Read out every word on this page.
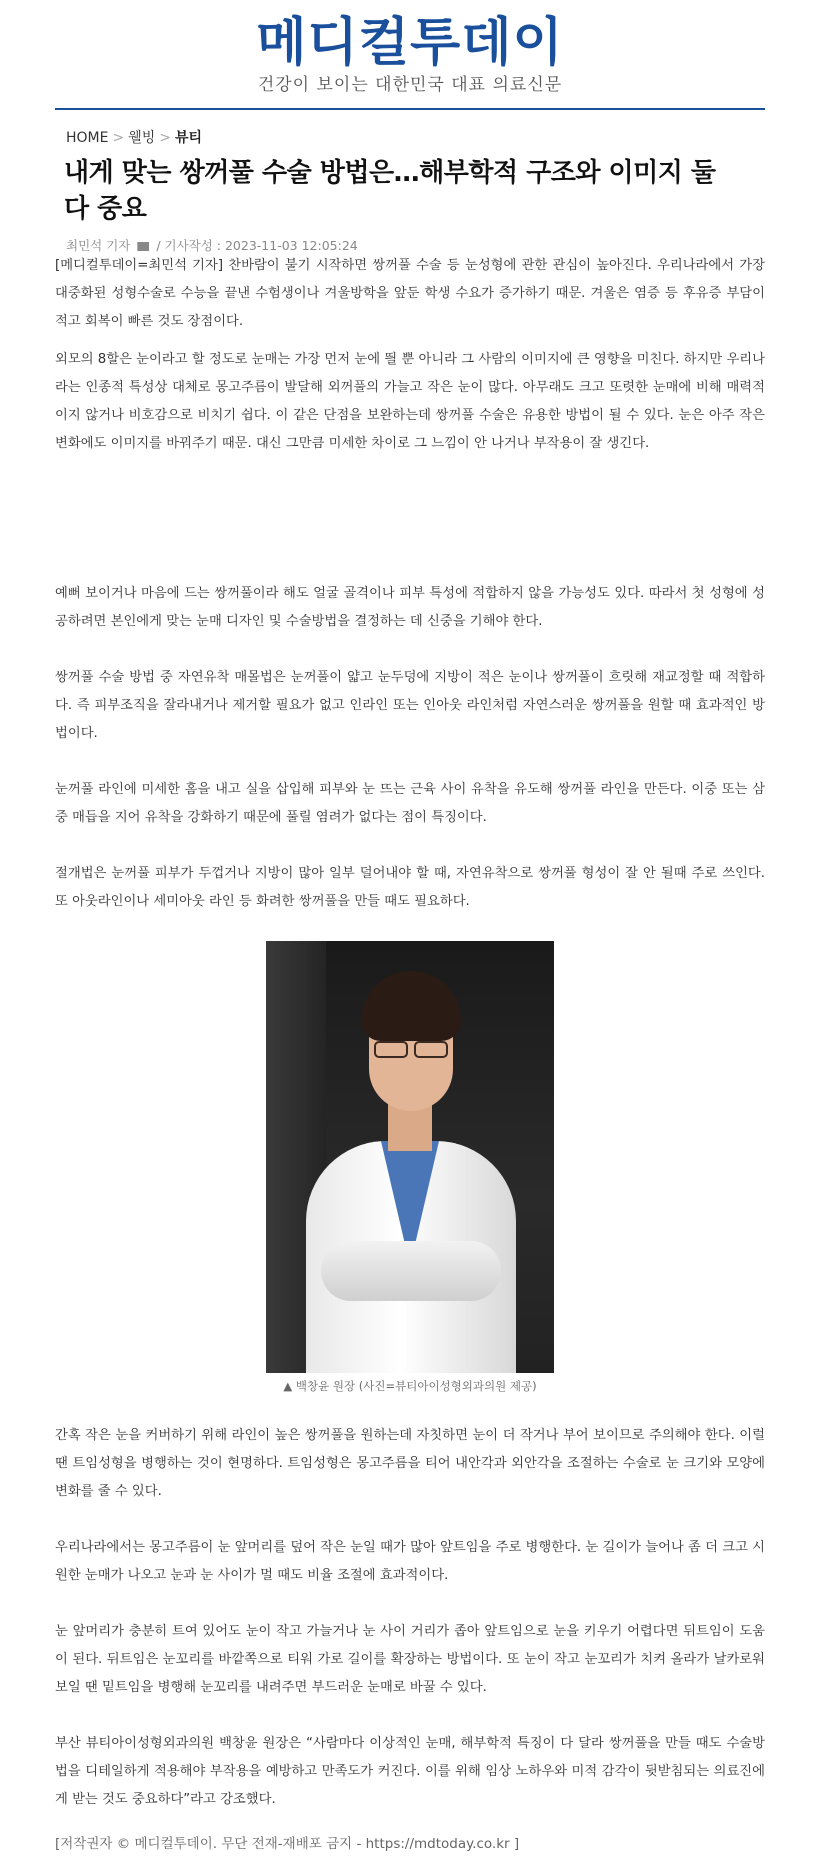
메디컬투데이
건강이 보이는 대한민국 대표 의료신문
HOME > 웰빙 > 뷰티
내게 맞는 쌍꺼풀 수술 방법은…해부학적 구조와 이미지 둘 다 중요
최민석 기자 / 기사작성 : 2023-11-03 12:05:24

[메디컬투데이=최민석 기자] 찬바람이 불기 시작하면 쌍꺼풀 수술 등 눈성형에 관한 관심이 높아진다. 우리나라에서 가장 대중화된 성형수술로 수능을 끝낸 수험생이나 겨울방학을 앞둔 학생 수요가 증가하기 때문. 겨울은 염증 등 후유증 부담이 적고 회복이 빠른 것도 장점이다.

외모의 8할은 눈이라고 할 정도로 눈매는 가장 먼저 눈에 띌 뿐 아니라 그 사람의 이미지에 큰 영향을 미친다. 하지만 우리나라는 인종적 특성상 대체로 몽고주름이 발달해 외꺼풀의 가늘고 작은 눈이 많다. 아무래도 크고 또렷한 눈매에 비해 매력적이지 않거나 비호감으로 비치기 쉽다. 이 같은 단점을 보완하는데 쌍꺼풀 수술은 유용한 방법이 될 수 있다. 눈은 아주 작은 변화에도 이미지를 바꿔주기 때문. 대신 그만큼 미세한 차이로 그 느낌이 안 나거나 부작용이 잘 생긴다.

예뻐 보이거나 마음에 드는 쌍꺼풀이라 해도 얼굴 골격이나 피부 특성에 적합하지 않을 가능성도 있다. 따라서 첫 성형에 성공하려면 본인에게 맞는 눈매 디자인 및 수술방법을 결정하는 데 신중을 기해야 한다.

쌍꺼풀 수술 방법 중 자연유착 매몰법은 눈꺼풀이 얇고 눈두덩에 지방이 적은 눈이나 쌍꺼풀이 흐릿해 재교정할 때 적합하다. 즉 피부조직을 잘라내거나 제거할 필요가 없고 인라인 또는 인아웃 라인처럼 자연스러운 쌍꺼풀을 원할 때 효과적인 방법이다.

눈꺼풀 라인에 미세한 홈을 내고 실을 삽입해 피부와 눈 뜨는 근육 사이 유착을 유도해 쌍꺼풀 라인을 만든다. 이중 또는 삼중 매듭을 지어 유착을 강화하기 때문에 풀릴 염려가 없다는 점이 특징이다.

절개법은 눈꺼풀 피부가 두껍거나 지방이 많아 일부 덜어내야 할 때, 자연유착으로 쌍꺼풀 형성이 잘 안 될때 주로 쓰인다. 또 아웃라인이나 세미아웃 라인 등 화려한 쌍꺼풀을 만들 때도 필요하다.

▲ 백창윤 원장 (사진=뷰티아이성형외과의원 제공)

간혹 작은 눈을 커버하기 위해 라인이 높은 쌍꺼풀을 원하는데 자칫하면 눈이 더 작거나 부어 보이므로 주의해야 한다. 이럴 땐 트임성형을 병행하는 것이 현명하다. 트임성형은 몽고주름을 티어 내안각과 외안각을 조절하는 수술로 눈 크기와 모양에 변화를 줄 수 있다.

우리나라에서는 몽고주름이 눈 앞머리를 덮어 작은 눈일 때가 많아 앞트임을 주로 병행한다. 눈 길이가 늘어나 좀 더 크고 시원한 눈매가 나오고 눈과 눈 사이가 멀 때도 비율 조절에 효과적이다.

눈 앞머리가 충분히 트여 있어도 눈이 작고 가늘거나 눈 사이 거리가 좁아 앞트임으로 눈을 키우기 어렵다면 뒤트임이 도움이 된다. 뒤트임은 눈꼬리를 바깥쪽으로 티워 가로 길이를 확장하는 방법이다. 또 눈이 작고 눈꼬리가 치켜 올라가 날카로워 보일 땐 밑트임을 병행해 눈꼬리를 내려주면 부드러운 눈매로 바꿀 수 있다.

부산 뷰티아이성형외과의원 백창윤 원장은 “사람마다 이상적인 눈매, 해부학적 특징이 다 달라 쌍꺼풀을 만들 때도 수술방법을 디테일하게 적용해야 부작용을 예방하고 만족도가 커진다. 이를 위해 임상 노하우와 미적 감각이 뒷받침되는 의료진에게 받는 것도 중요하다”라고 강조했다.

[저작권자 © 메디컬투데이. 무단 전재-재배포 금지 - https://mdtoday.co.kr ]
